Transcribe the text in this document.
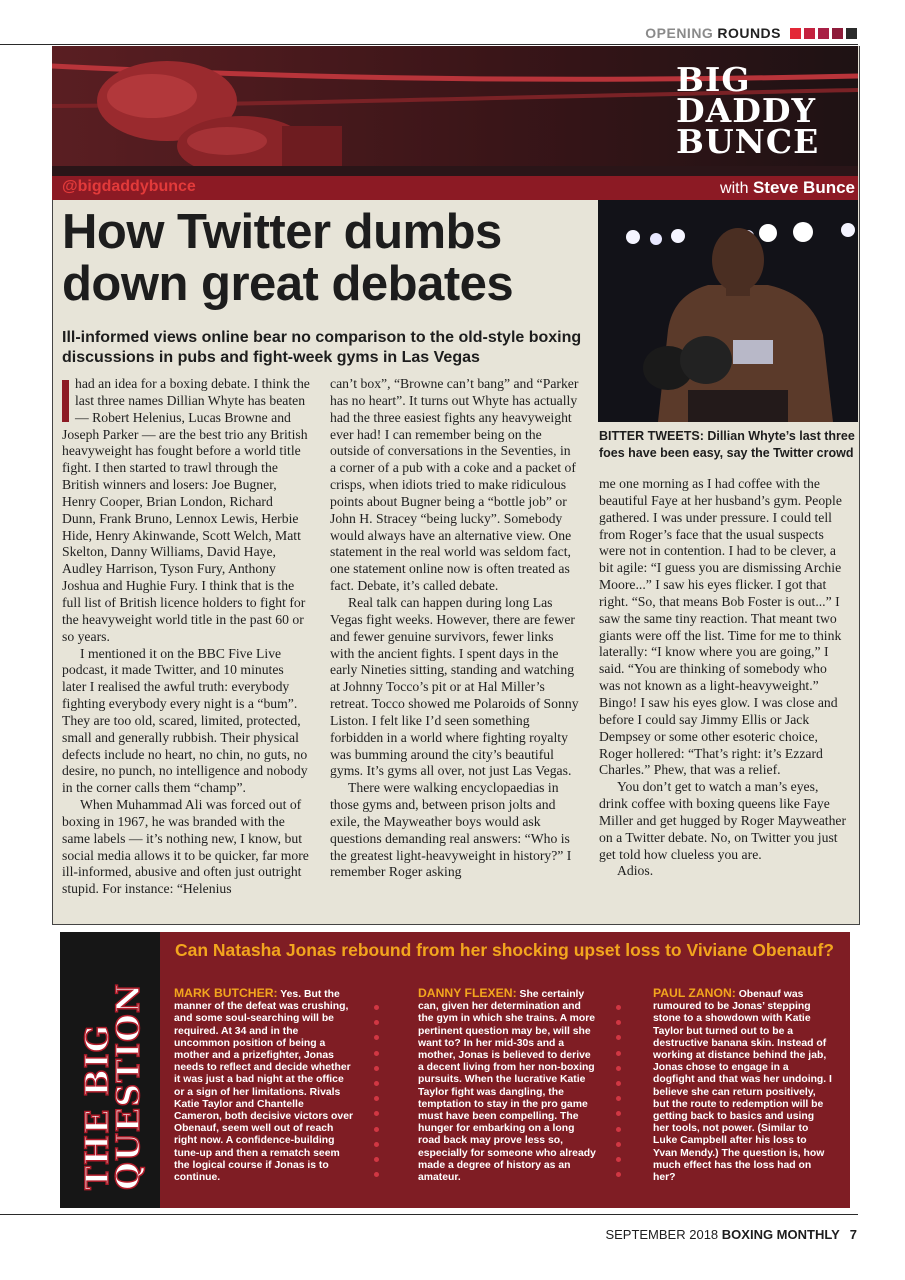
OPENING ROUNDS
BIG
DADDY
BUNCE
@bigdaddybunce	with Steve Bunce
How Twitter dumbs down great debates
Ill-informed views online bear no comparison to the old-style boxing discussions in pubs and fight-week gyms in Las Vegas
BITTER TWEETS: Dillian Whyte’s last three foes have been easy, say the Twitter crowd

had an idea for a boxing debate. I think the last three names Dillian Whyte has beaten — Robert Helenius, Lucas Browne and Joseph Parker — are the best trio any British heavyweight has fought before a world title fight. I then started to trawl through the British winners and losers: Joe Bugner, Henry Cooper, Brian London, Richard Dunn, Frank Bruno, Lennox Lewis, Herbie Hide, Henry Akinwande, Scott Welch, Matt Skelton, Danny Williams, David Haye, Audley Harrison, Tyson Fury, Anthony Joshua and Hughie Fury. I think that is the full list of British licence holders to fight for the heavyweight world title in the past 60 or so years.

I mentioned it on the BBC Five Live podcast, it made Twitter, and 10 minutes later I realised the awful truth: everybody fighting everybody every night is a “bum”. They are too old, scared, limited, protected, small and generally rubbish. Their physical defects include no heart, no chin, no guts, no desire, no punch, no intelligence and nobody in the corner calls them “champ”.

When Muhammad Ali was forced out of boxing in 1967, he was branded with the same labels — it’s nothing new, I know, but social media allows it to be quicker, far more ill-informed, abusive and often just outright stupid. For instance: “Helenius

can’t box”, “Browne can’t bang” and “Parker has no heart”. It turns out Whyte has actually had the three easiest fights any heavyweight ever had! I can remember being on the outside of conversations in the Seventies, in a corner of a pub with a coke and a packet of crisps, when idiots tried to make ridiculous points about Bugner being a “bottle job” or John H. Stracey “being lucky”. Somebody would always have an alternative view. One statement in the real world was seldom fact, one statement online now is often treated as fact. Debate, it’s called debate.

Real talk can happen during long Las Vegas fight weeks. However, there are fewer and fewer genuine survivors, fewer links with the ancient fights. I spent days in the early Nineties sitting, standing and watching at Johnny Tocco’s pit or at Hal Miller’s retreat. Tocco showed me Polaroids of Sonny Liston. I felt like I’d seen something forbidden in a world where fighting royalty was bumming around the city’s beautiful gyms. It’s gyms all over, not just Las Vegas.

There were walking encyclopaedias in those gyms and, between prison jolts and exile, the Mayweather boys would ask questions demanding real answers: “Who is the greatest light-heavyweight in history?” I remember Roger asking

me one morning as I had coffee with the beautiful Faye at her husband’s gym. People gathered. I was under pressure. I could tell from Roger’s face that the usual suspects were not in contention. I had to be clever, a bit agile: “I guess you are dismissing Archie Moore...” I saw his eyes flicker. I got that right. “So, that means Bob Foster is out...” I saw the same tiny reaction. That meant two giants were off the list. Time for me to think laterally: “I know where you are going,” I said. “You are thinking of somebody who was not known as a light-heavyweight.” Bingo! I saw his eyes glow. I was close and before I could say Jimmy Ellis or Jack Dempsey or some other esoteric choice, Roger hollered: “That’s right: it’s Ezzard Charles.” Phew, that was a relief.

You don’t get to watch a man’s eyes, drink coffee with boxing queens like Faye Miller and get hugged by Roger Mayweather on a Twitter debate. No, on Twitter you just get told how clueless you are.

Adios.

THE BIG
QUESTION
Can Natasha Jonas rebound from her shocking upset loss to Viviane Obenauf?
MARK BUTCHER: Yes. But the manner of the defeat was crushing, and some soul-searching will be required. At 34 and in the uncommon position of being a mother and a prizefighter, Jonas needs to reflect and decide whether it was just a bad night at the office or a sign of her limitations. Rivals Katie Taylor and Chantelle Cameron, both decisive victors over Obenauf, seem well out of reach right now. A confidence-building tune-up and then a rematch seem the logical course if Jonas is to continue.
DANNY FLEXEN: She certainly can, given her determination and the gym in which she trains. A more pertinent question may be, will she want to? In her mid-30s and a mother, Jonas is believed to derive a decent living from her non-boxing pursuits. When the lucrative Katie Taylor fight was dangling, the temptation to stay in the pro game must have been compelling. The hunger for embarking on a long road back may prove less so, especially for someone who already made a degree of history as an amateur.
PAUL ZANON: Obenauf was rumoured to be Jonas’ stepping stone to a showdown with Katie Taylor but turned out to be a destructive banana skin. Instead of working at distance behind the jab, Jonas chose to engage in a dogfight and that was her undoing. I believe she can return positively, but the route to redemption will be getting back to basics and using her tools, not power. (Similar to Luke Campbell after his loss to Yvan Mendy.) The question is, how much effect has the loss had on her?
SEPTEMBER 2018 BOXING MONTHLY 7
